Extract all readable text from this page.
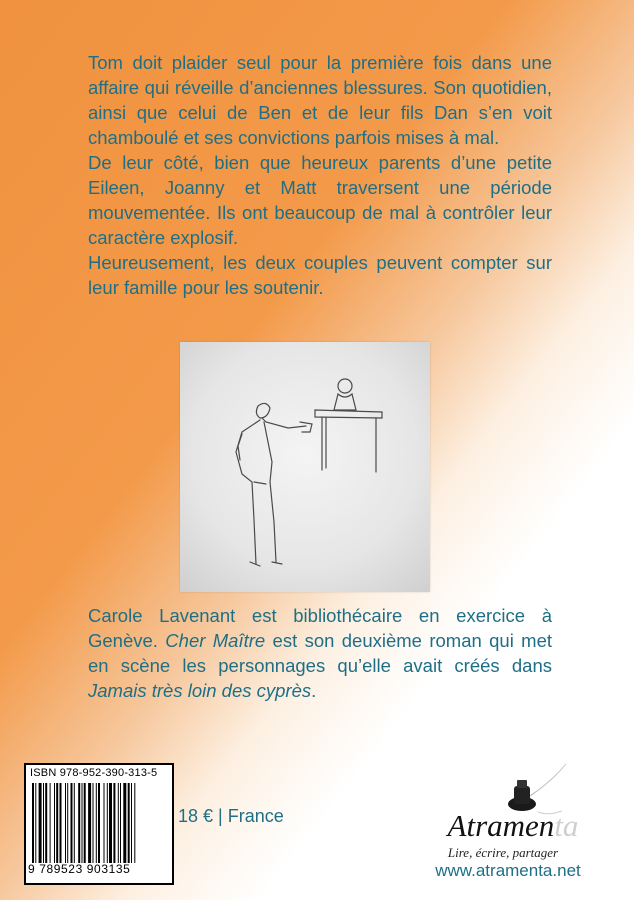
Tom doit plaider seul pour la première fois dans une affaire qui réveille d’anciennes blessures. Son quotidien, ainsi que celui de Ben et de leur fils Dan s’en voit chamboulé et ses convictions parfois mises à mal.

De leur côté, bien que heureux parents d’une petite Eileen, Joanny et Matt traversent une période mouvementée. Ils ont beaucoup de mal à contrôler leur caractère explosif.

Heureusement, les deux couples peuvent compter sur leur famille pour les soutenir.

Carole Lavenant est bibliothécaire en exercice à Genève. Cher Maître est son deuxième roman qui met en scène les personnages qu’elle avait créés dans Jamais très loin des cyprès.

ISBN 978-952-390-313-5
9 789523 903135
18 € | France	Atramenta
Lire, écrire, partager
www.atramenta.net
